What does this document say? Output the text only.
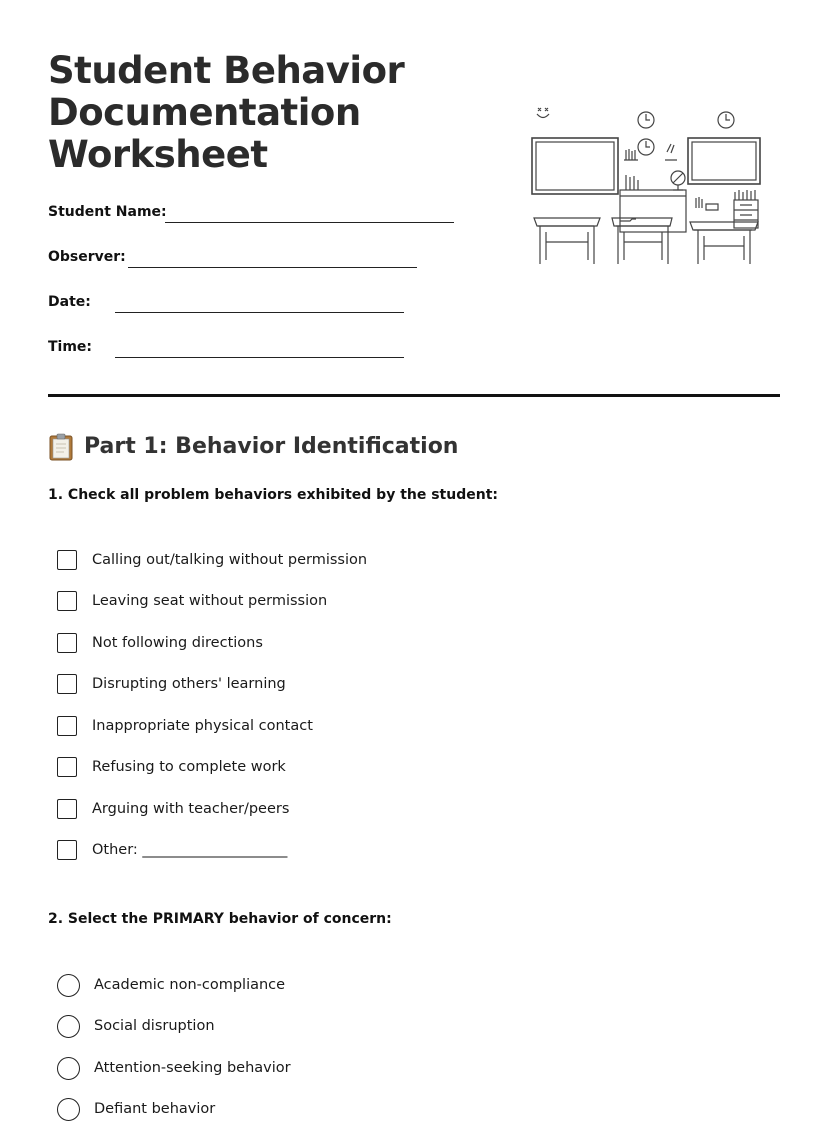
Student Behavior Documentation Worksheet
Student Name:
Observer:
Date:
Time:
Part 1: Behavior Identification

1. Check all problem behaviors exhibited by the student:

Calling out/talking without permission
Leaving seat without permission
Not following directions
Disrupting others' learning
Inappropriate physical contact
Refusing to complete work
Arguing with teacher/peers
Other: ____________________

2. Select the PRIMARY behavior of concern:

Academic non-compliance
Social disruption
Attention-seeking behavior
Defiant behavior
